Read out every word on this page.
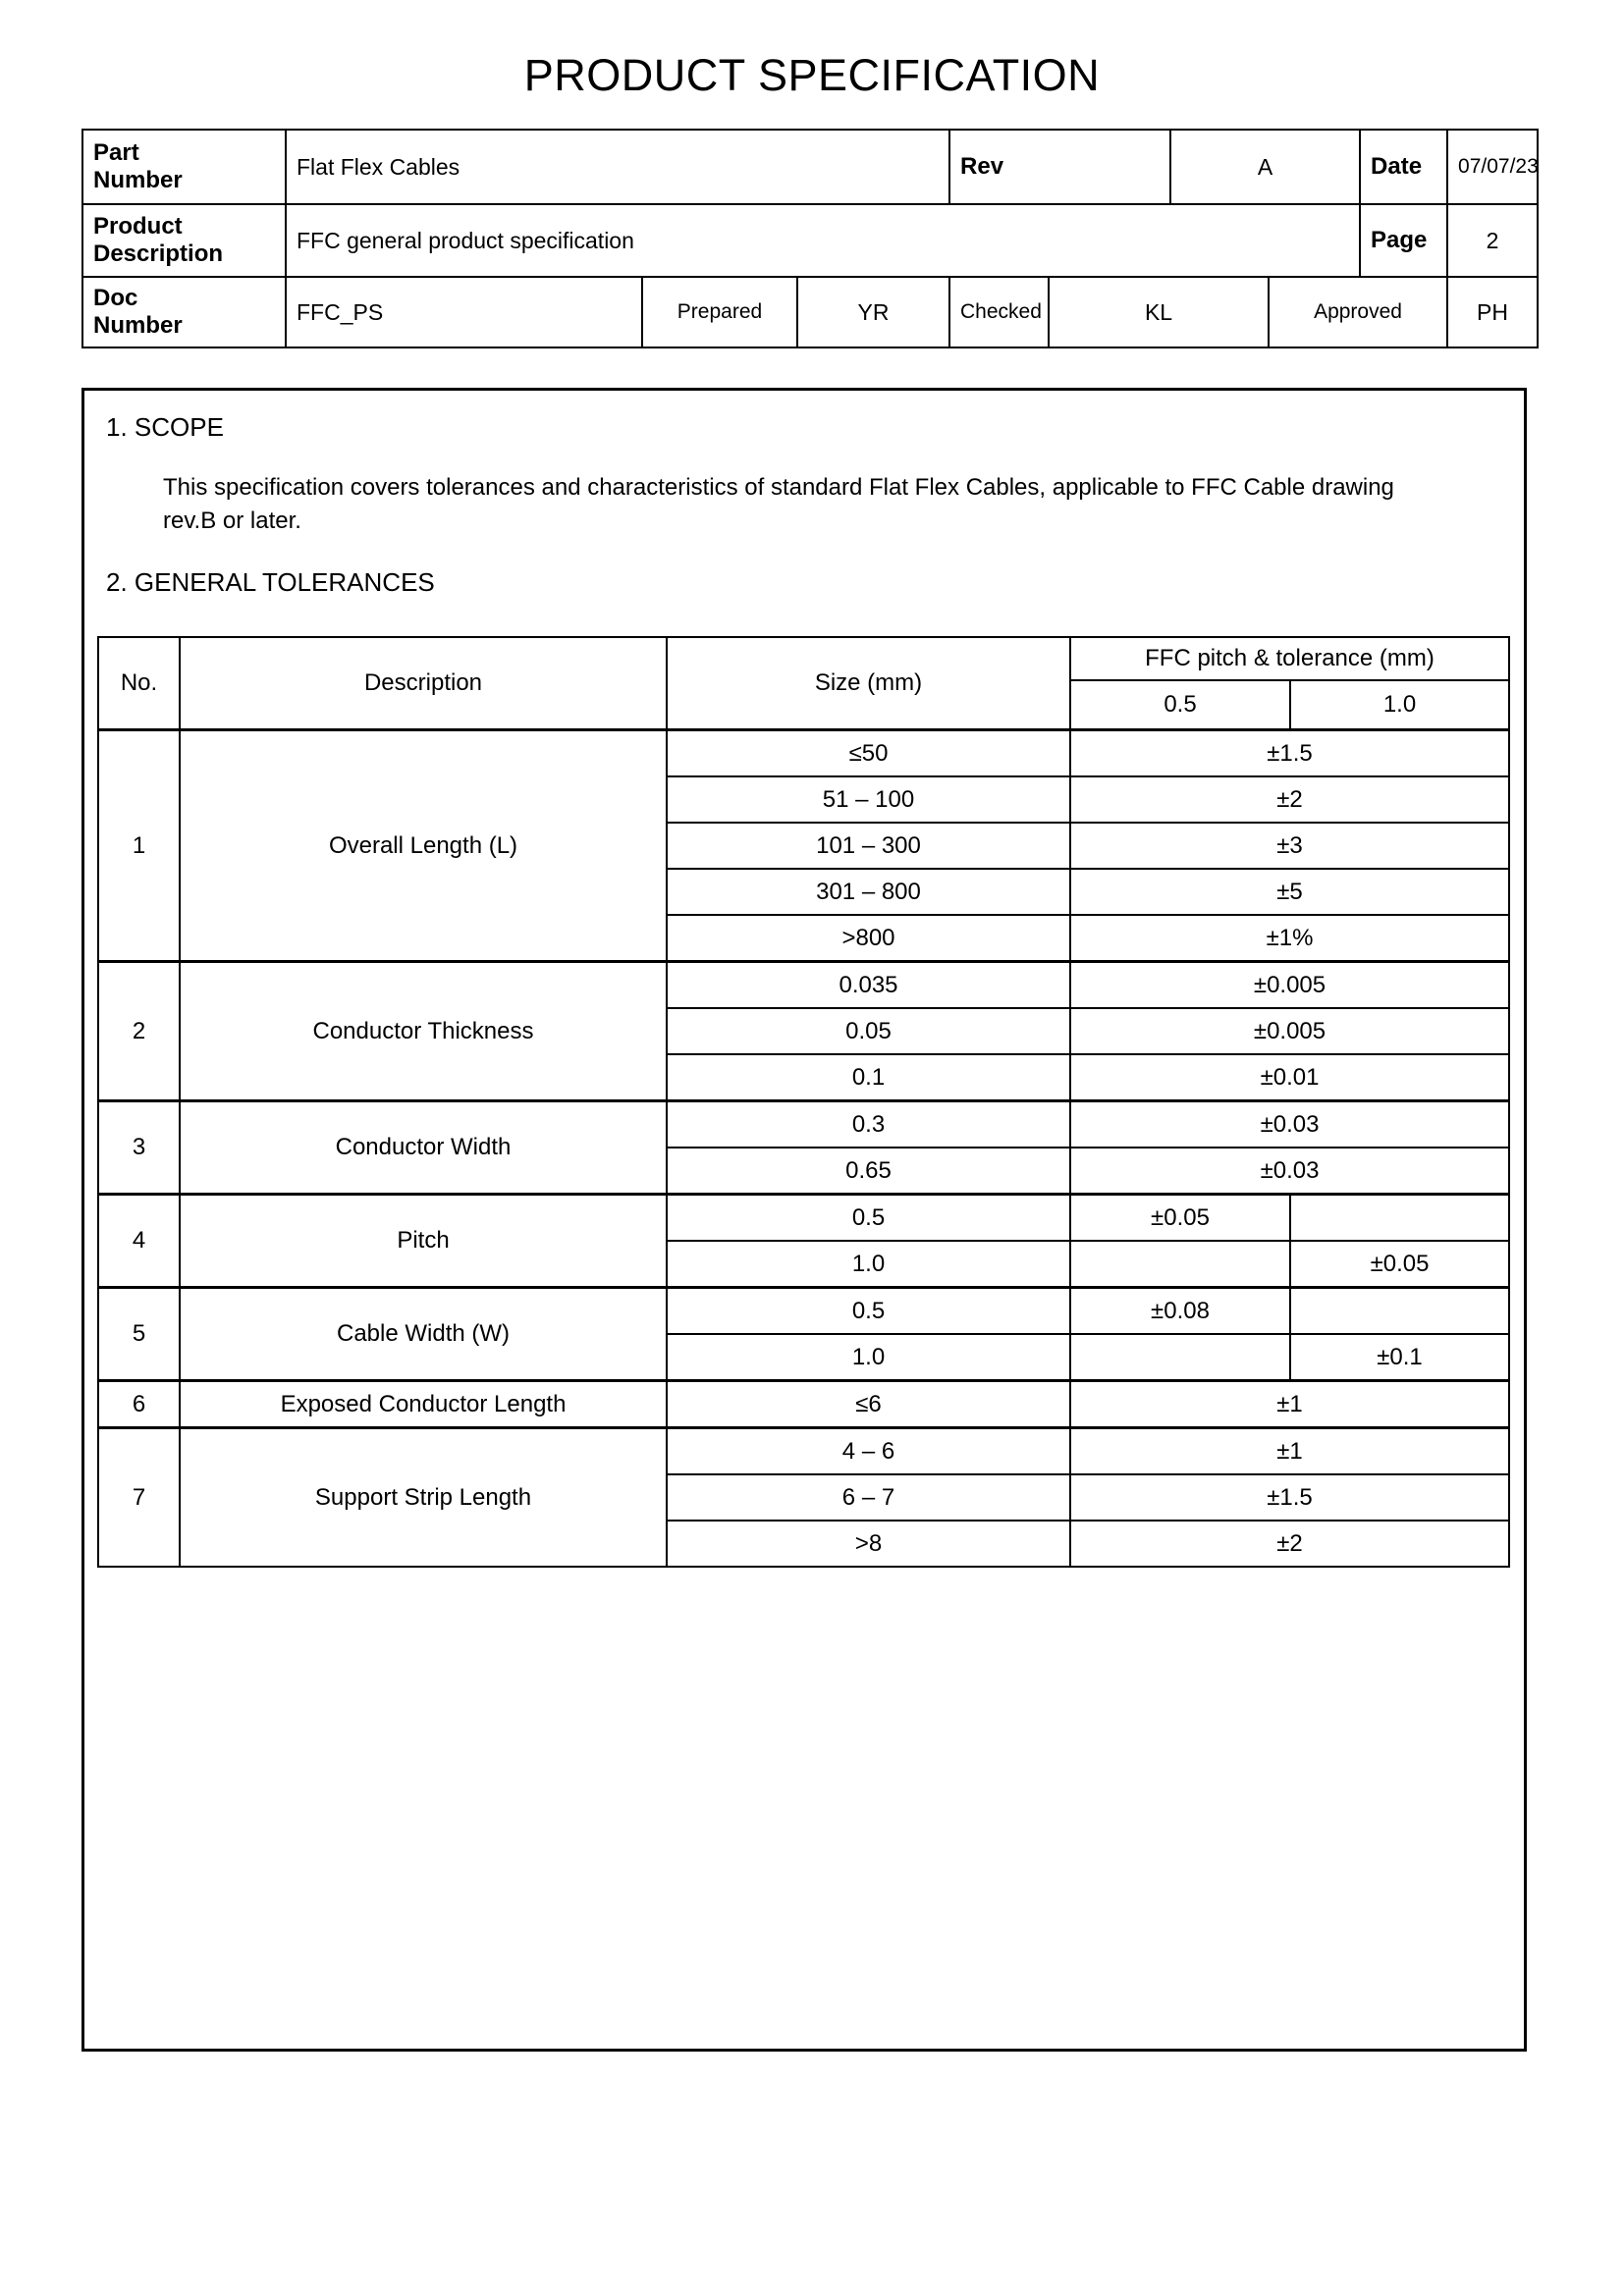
PRODUCT SPECIFICATION
Part
Number	Flat Flex Cables			Rev		A		Date	07/07/23

Product
Description	FFC general product specification							Page	2

Doc
Number	FFC_PS	Prepared	YR	Checked	KL		Approved		PH
1. SCOPE
This specification covers tolerances and characteristics of standard Flat Flex Cables, applicable to FFC Cable drawing rev.B or later.
2. GENERAL TOLERANCES
No.	Description	Size (mm)	FFC pitch & tolerance (mm)	
			0.5	1.0
1	Overall Length (L)	≤50	±1.5	
		51 – 100	±2	
		101 – 300	±3	
		301 – 800	±5	
		>800	±1%	
2	Conductor Thickness	0.035	±0.005	
		0.05	±0.005	
		0.1	±0.01	
3	Conductor Width	0.3	±0.03	
		0.65	±0.03	
4	Pitch	0.5	±0.05	
		1.0		±0.05
5	Cable Width (W)	0.5	±0.08	
		1.0		±0.1
6	Exposed Conductor Length	≤6	±1	
7	Support Strip Length	4 – 6	±1	
		6 – 7	±1.5	
		>8	±2	
